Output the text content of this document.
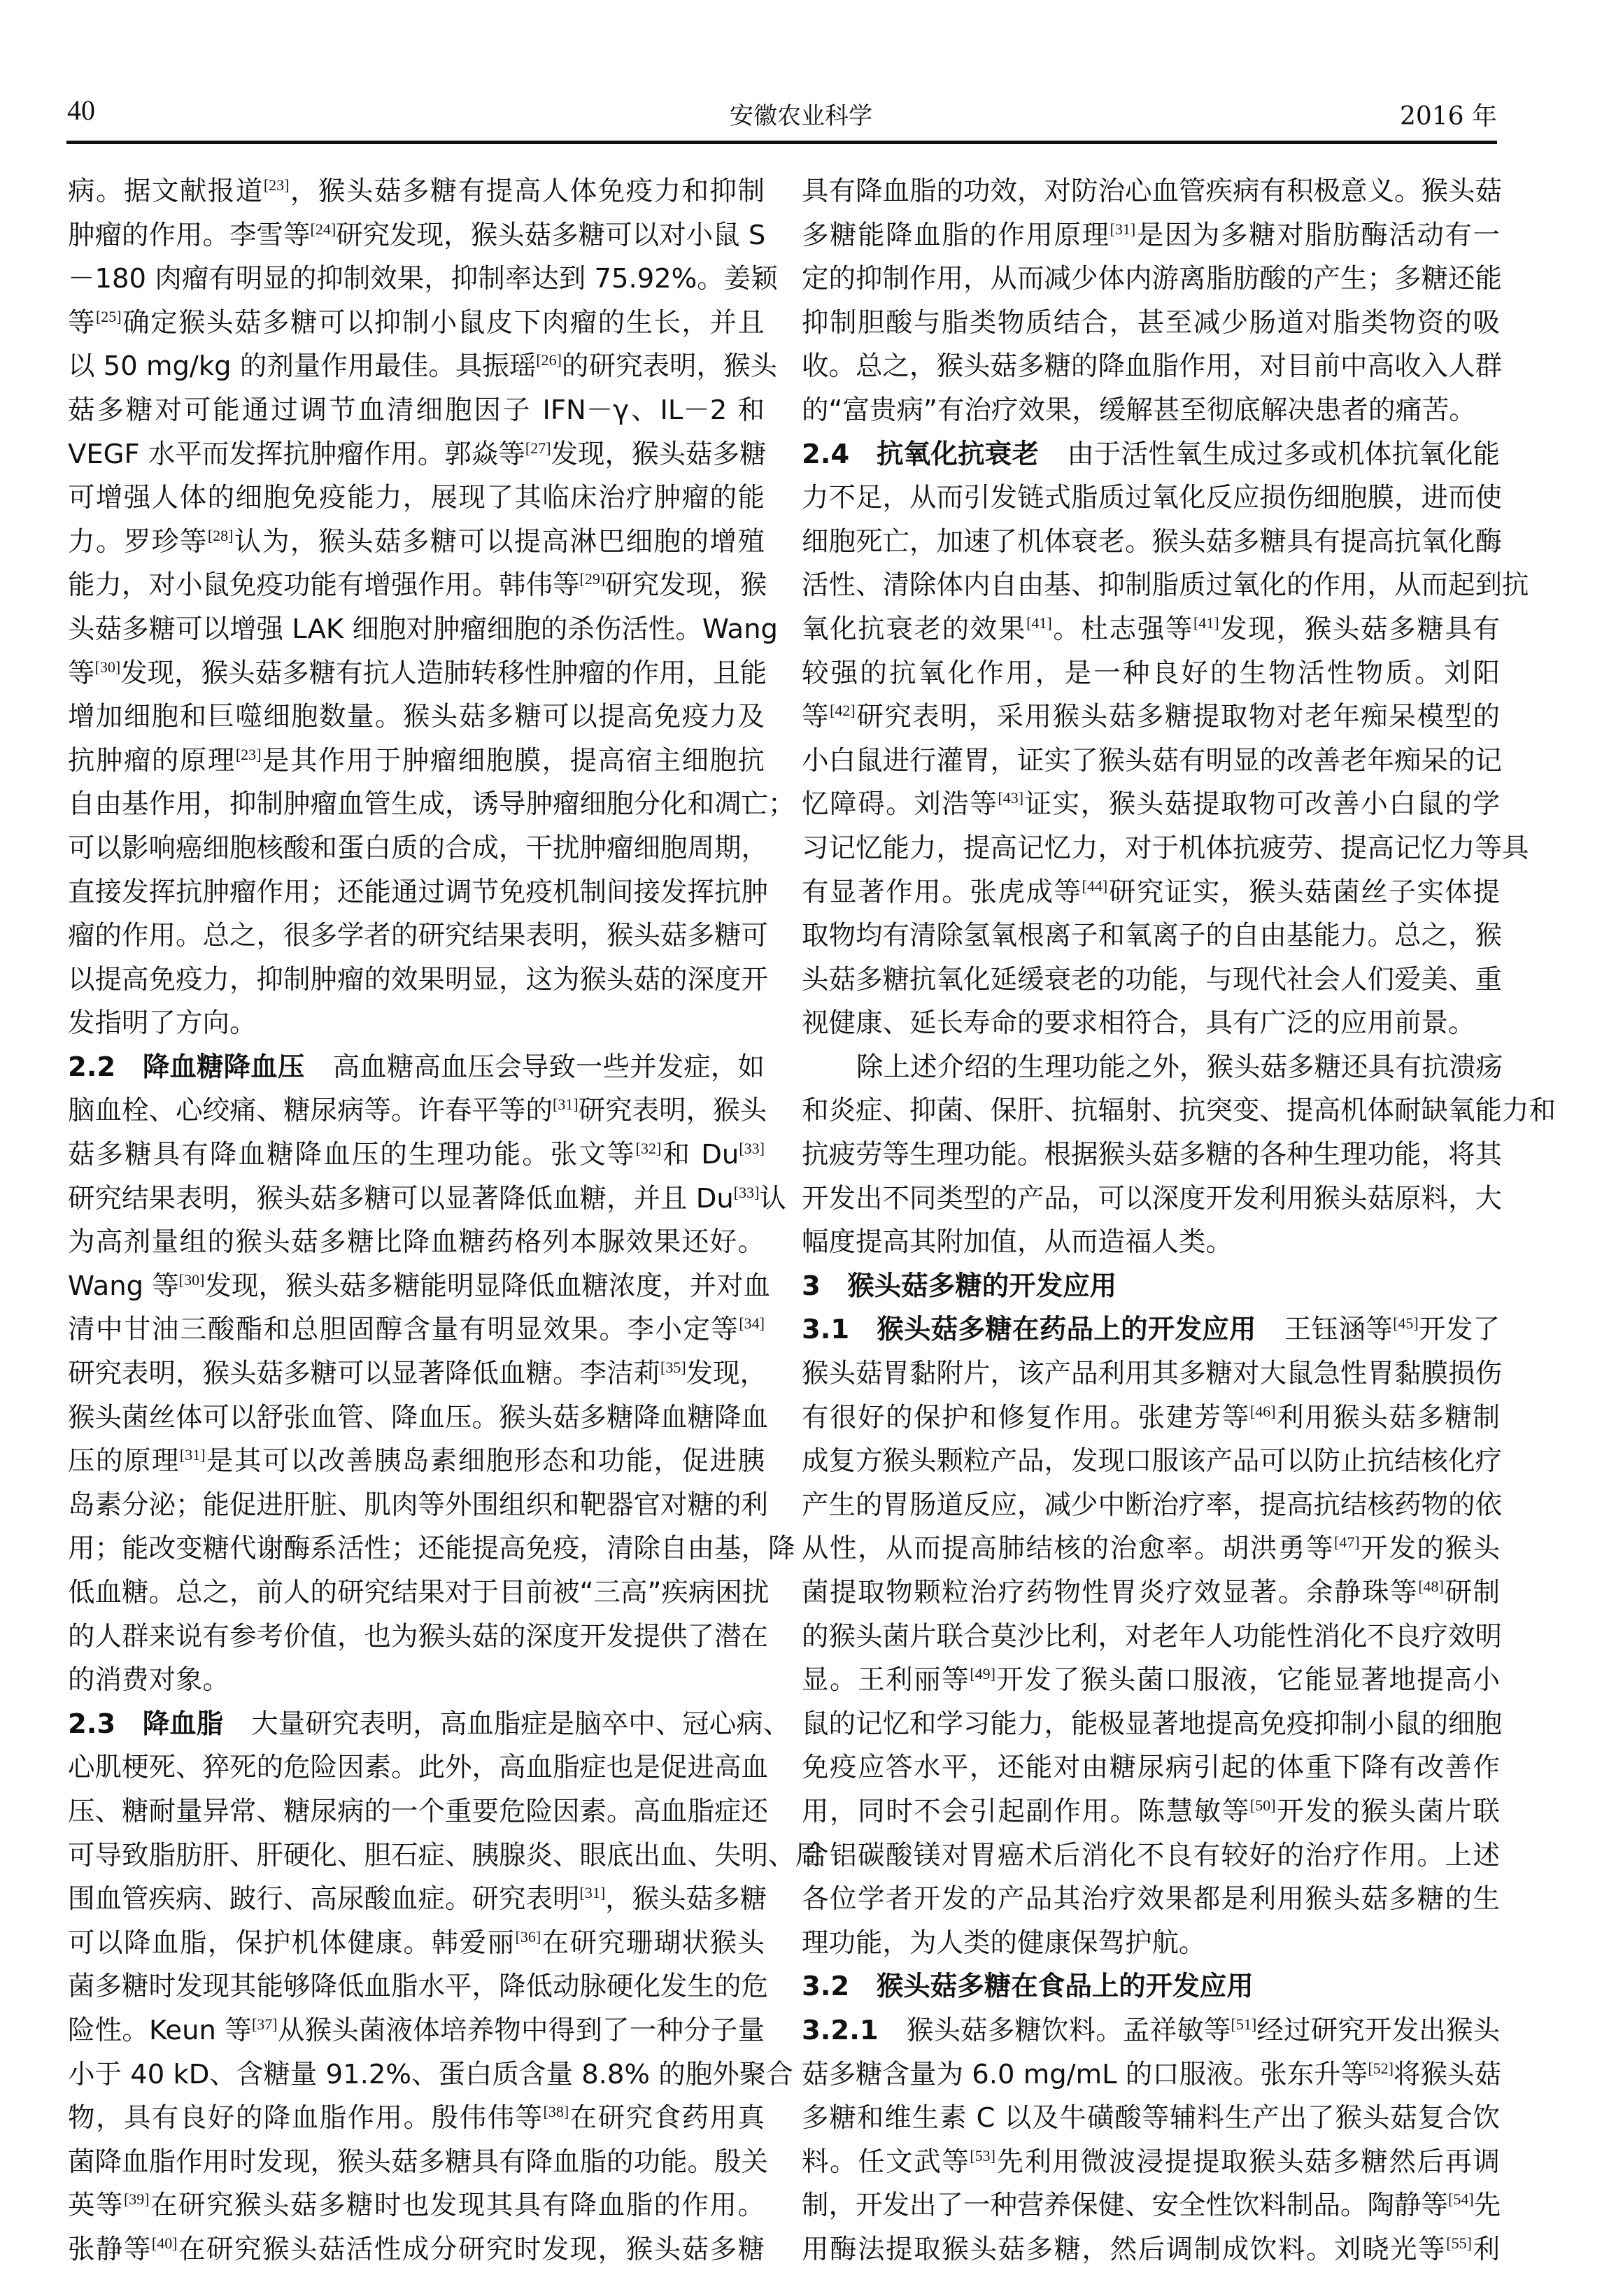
40	安徽农业科学	2016 年
病。据文献报道[23]，猴头菇多糖有提高人体免疫力和抑制
肿瘤的作用。李雪等[24]研究发现，猴头菇多糖可以对小鼠 S
－180 肉瘤有明显的抑制效果，抑制率达到 75.92%。姜颖
等[25]确定猴头菇多糖可以抑制小鼠皮下肉瘤的生长，并且
以 50 mg/kg 的剂量作用最佳。具振瑶[26]的研究表明，猴头
菇多糖对可能通过调节血清细胞因子 IFN－γ、IL－2 和
VEGF 水平而发挥抗肿瘤作用。郭焱等[27]发现，猴头菇多糖
可增强人体的细胞免疫能力，展现了其临床治疗肿瘤的能
力。罗珍等[28]认为，猴头菇多糖可以提高淋巴细胞的增殖
能力，对小鼠免疫功能有增强作用。韩伟等[29]研究发现，猴
头菇多糖可以增强 LAK 细胞对肿瘤细胞的杀伤活性。Wang
等[30]发现，猴头菇多糖有抗人造肺转移性肿瘤的作用，且能
增加细胞和巨噬细胞数量。猴头菇多糖可以提高免疫力及
抗肿瘤的原理[23]是其作用于肿瘤细胞膜，提高宿主细胞抗
自由基作用，抑制肿瘤血管生成，诱导肿瘤细胞分化和凋亡；
可以影响癌细胞核酸和蛋白质的合成，干扰肿瘤细胞周期，
直接发挥抗肿瘤作用；还能通过调节免疫机制间接发挥抗肿
瘤的作用。总之，很多学者的研究结果表明，猴头菇多糖可
以提高免疫力，抑制肿瘤的效果明显，这为猴头菇的深度开
发指明了方向。
2.2　降血糖降血压 高血糖高血压会导致一些并发症，如
脑血栓、心绞痛、糖尿病等。许春平等的[31]研究表明，猴头
菇多糖具有降血糖降血压的生理功能。张文等[32]和 Du[33]
研究结果表明，猴头菇多糖可以显著降低血糖，并且 Du[33]认
为高剂量组的猴头菇多糖比降血糖药格列本脲效果还好。
Wang 等[30]发现，猴头菇多糖能明显降低血糖浓度，并对血
清中甘油三酸酯和总胆固醇含量有明显效果。李小定等[34]
研究表明，猴头菇多糖可以显著降低血糖。李洁莉[35]发现，
猴头菌丝体可以舒张血管、降血压。猴头菇多糖降血糖降血
压的原理[31]是其可以改善胰岛素细胞形态和功能，促进胰
岛素分泌；能促进肝脏、肌肉等外围组织和靶器官对糖的利
用；能改变糖代谢酶系活性；还能提高免疫，清除自由基，降
低血糖。总之，前人的研究结果对于目前被“三高”疾病困扰
的人群来说有参考价值，也为猴头菇的深度开发提供了潜在
的消费对象。
2.3　降血脂 大量研究表明，高血脂症是脑卒中、冠心病、
心肌梗死、猝死的危险因素。此外，高血脂症也是促进高血
压、糖耐量异常、糖尿病的一个重要危险因素。高血脂症还
可导致脂肪肝、肝硬化、胆石症、胰腺炎、眼底出血、失明、周
围血管疾病、跛行、高尿酸血症。研究表明[31]，猴头菇多糖
可以降血脂，保护机体健康。韩爱丽[36]在研究珊瑚状猴头
菌多糖时发现其能够降低血脂水平，降低动脉硬化发生的危
险性。Keun 等[37]从猴头菌液体培养物中得到了一种分子量
小于 40 kD、含糖量 91.2%、蛋白质含量 8.8% 的胞外聚合
物，具有良好的降血脂作用。殷伟伟等[38]在研究食药用真
菌降血脂作用时发现，猴头菇多糖具有降血脂的功能。殷关
英等[39]在研究猴头菇多糖时也发现其具有降血脂的作用。
张静等[40]在研究猴头菇活性成分研究时发现，猴头菇多糖
具有降血脂的功效，对防治心血管疾病有积极意义。猴头菇
多糖能降血脂的作用原理[31]是因为多糖对脂肪酶活动有一
定的抑制作用，从而减少体内游离脂肪酸的产生；多糖还能
抑制胆酸与脂类物质结合，甚至减少肠道对脂类物资的吸
收。总之，猴头菇多糖的降血脂作用，对目前中高收入人群
的“富贵病”有治疗效果，缓解甚至彻底解决患者的痛苦。
2.4　抗氧化抗衰老 由于活性氧生成过多或机体抗氧化能
力不足，从而引发链式脂质过氧化反应损伤细胞膜，进而使
细胞死亡，加速了机体衰老。猴头菇多糖具有提高抗氧化酶
活性、清除体内自由基、抑制脂质过氧化的作用，从而起到抗
氧化抗衰老的效果[41]。杜志强等[41]发现，猴头菇多糖具有
较强的抗氧化作用，是一种良好的生物活性物质。刘阳
等[42]研究表明，采用猴头菇多糖提取物对老年痴呆模型的
小白鼠进行灌胃，证实了猴头菇有明显的改善老年痴呆的记
忆障碍。刘浩等[43]证实，猴头菇提取物可改善小白鼠的学
习记忆能力，提高记忆力，对于机体抗疲劳、提高记忆力等具
有显著作用。张虎成等[44]研究证实，猴头菇菌丝子实体提
取物均有清除氢氧根离子和氧离子的自由基能力。总之，猴
头菇多糖抗氧化延缓衰老的功能，与现代社会人们爱美、重
视健康、延长寿命的要求相符合，具有广泛的应用前景。
除上述介绍的生理功能之外，猴头菇多糖还具有抗溃疡
和炎症、抑菌、保肝、抗辐射、抗突变、提高机体耐缺氧能力和
抗疲劳等生理功能。根据猴头菇多糖的各种生理功能，将其
开发出不同类型的产品，可以深度开发利用猴头菇原料，大
幅度提高其附加值，从而造福人类。
3　猴头菇多糖的开发应用
3.1　猴头菇多糖在药品上的开发应用 王钰涵等[45]开发了
猴头菇胃黏附片，该产品利用其多糖对大鼠急性胃黏膜损伤
有很好的保护和修复作用。张建芳等[46]利用猴头菇多糖制
成复方猴头颗粒产品，发现口服该产品可以防止抗结核化疗
产生的胃肠道反应，减少中断治疗率，提高抗结核药物的依
从性，从而提高肺结核的治愈率。胡洪勇等[47]开发的猴头
菌提取物颗粒治疗药物性胃炎疗效显著。余静珠等[48]研制
的猴头菌片联合莫沙比利，对老年人功能性消化不良疗效明
显。王利丽等[49]开发了猴头菌口服液，它能显著地提高小
鼠的记忆和学习能力，能极显著地提高免疫抑制小鼠的细胞
免疫应答水平，还能对由糖尿病引起的体重下降有改善作
用，同时不会引起副作用。陈慧敏等[50]开发的猴头菌片联
合铝碳酸镁对胃癌术后消化不良有较好的治疗作用。上述
各位学者开发的产品其治疗效果都是利用猴头菇多糖的生
理功能，为人类的健康保驾护航。
3.2　猴头菇多糖在食品上的开发应用
3.2.1 猴头菇多糖饮料。孟祥敏等[51]经过研究开发出猴头
菇多糖含量为 6.0 mg/mL 的口服液。张东升等[52]将猴头菇
多糖和维生素 C 以及牛磺酸等辅料生产出了猴头菇复合饮
料。任文武等[53]先利用微波浸提提取猴头菇多糖然后再调
制，开发出了一种营养保健、安全性饮料制品。陶静等[54]先
用酶法提取猴头菇多糖，然后调制成饮料。刘晓光等[55]利
